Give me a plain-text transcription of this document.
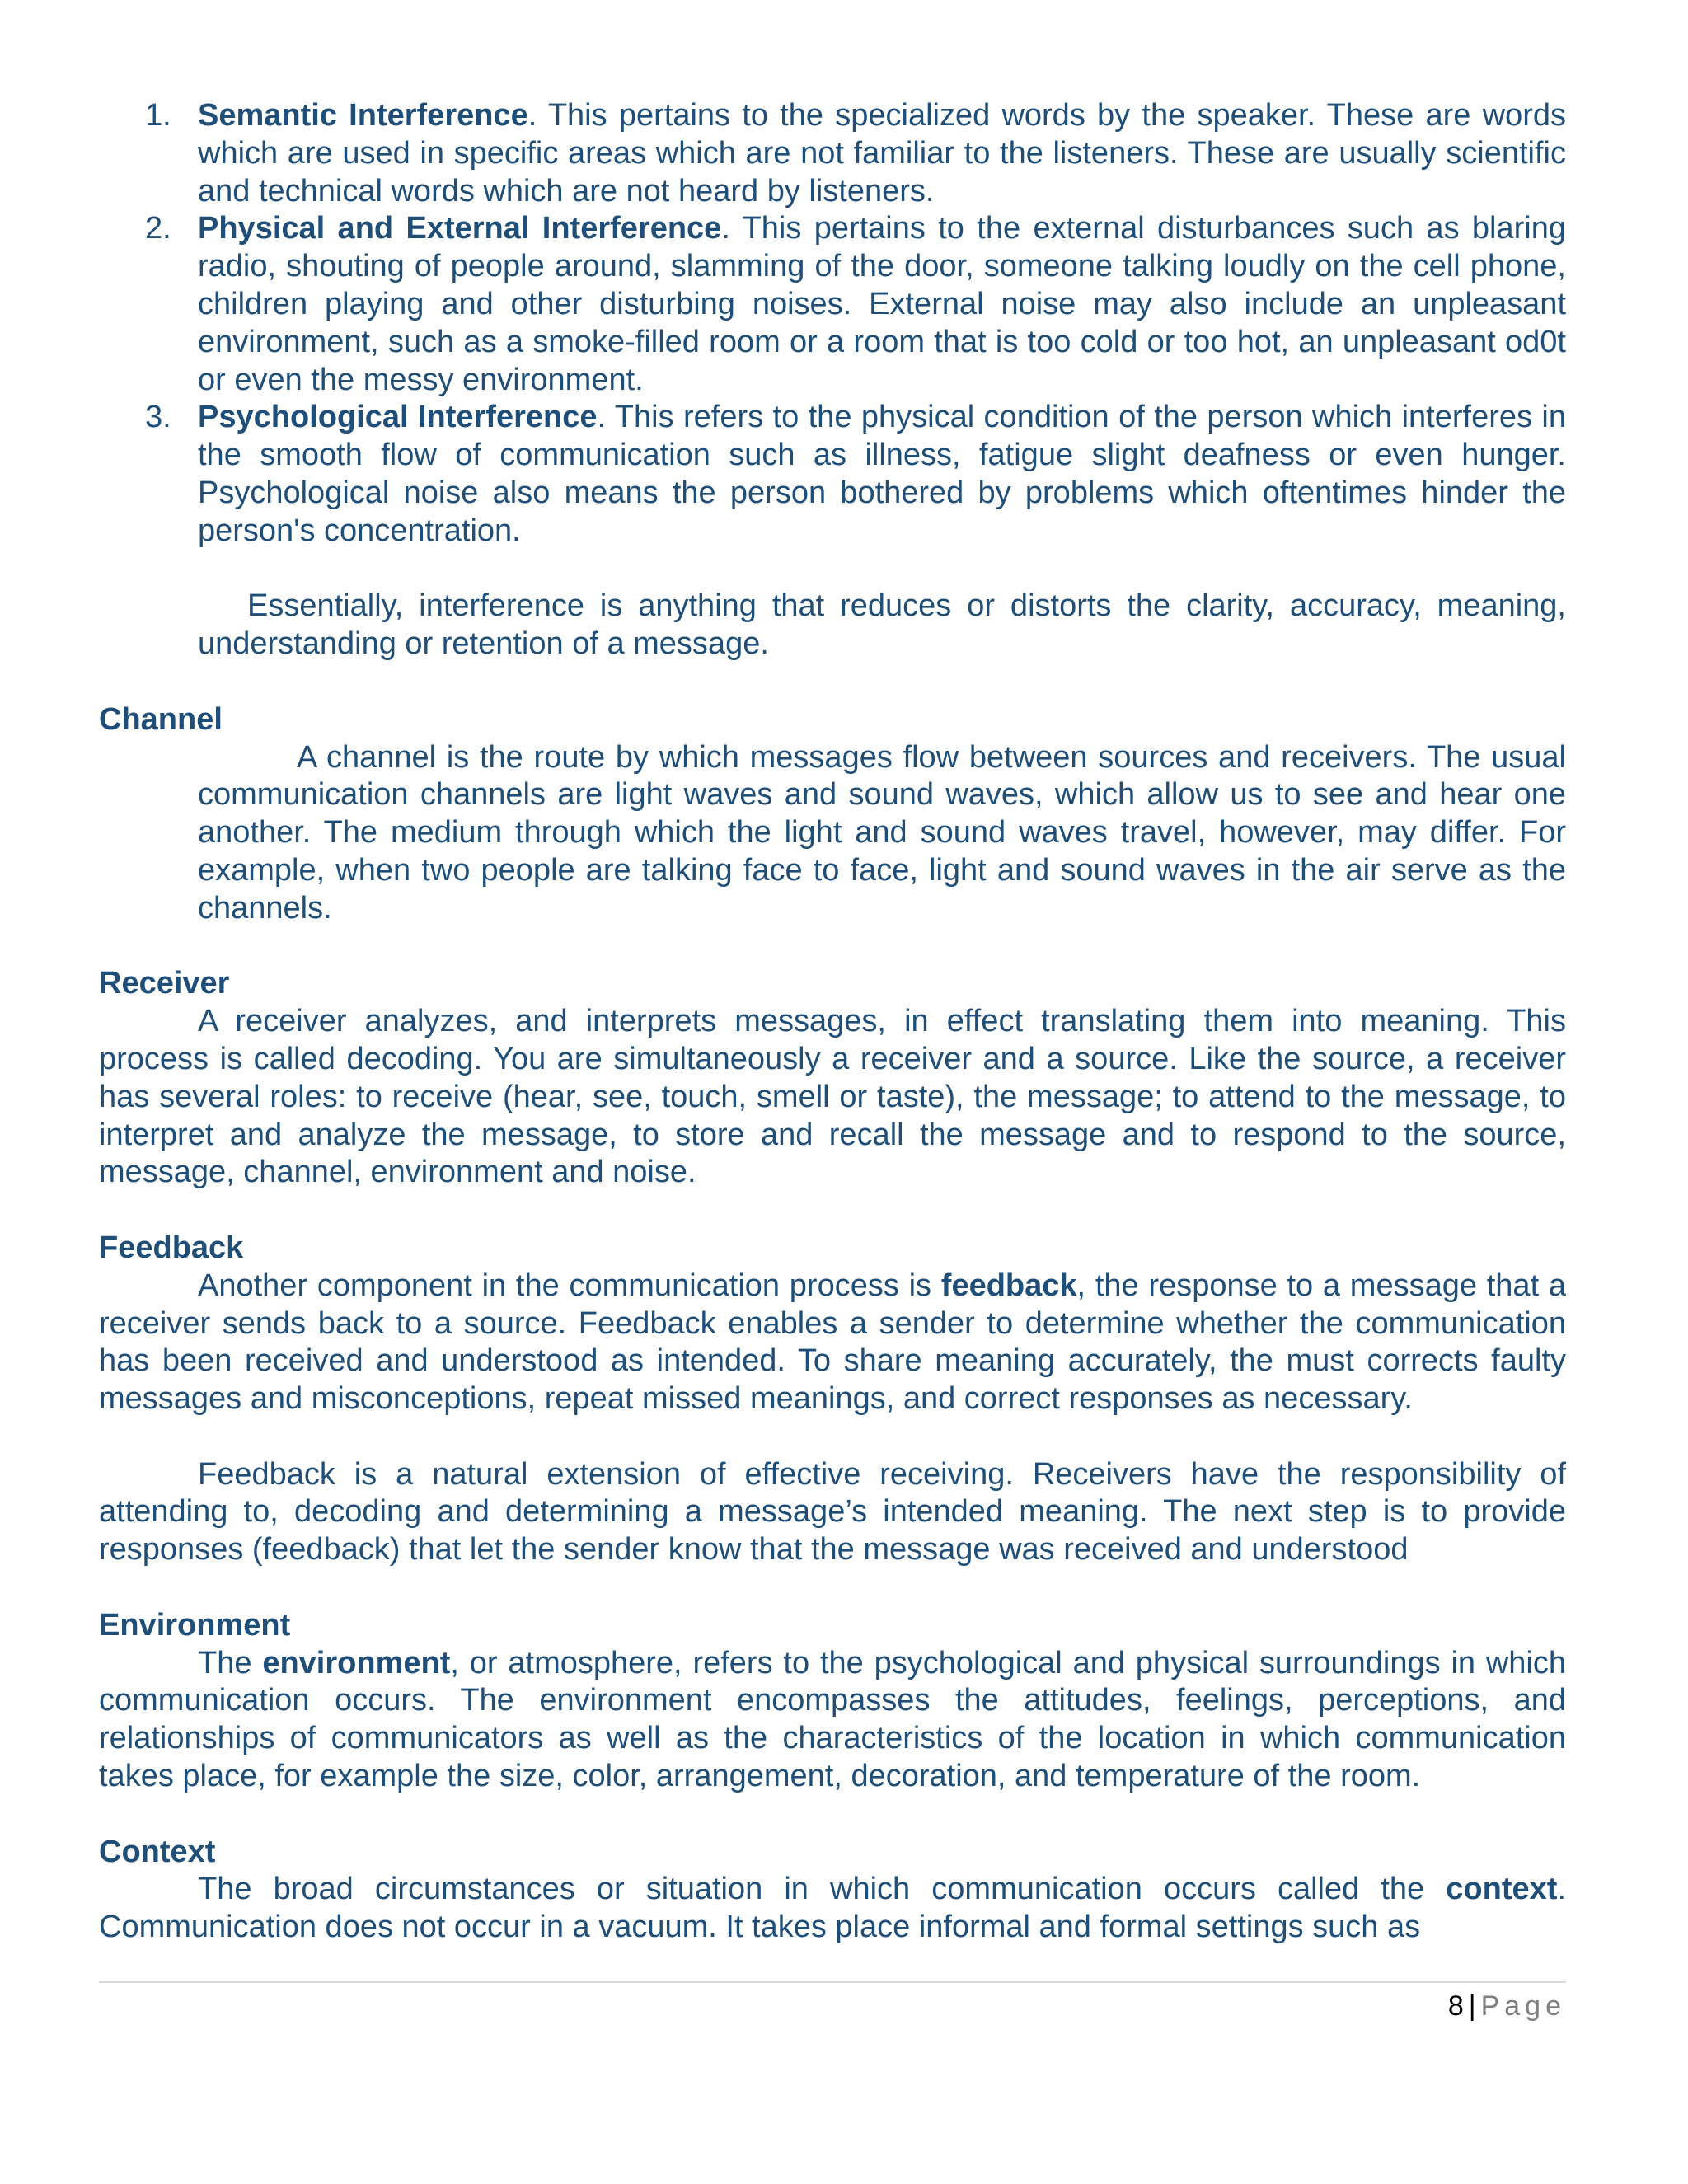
1. Semantic Interference. This pertains to the specialized words by the speaker. These are words which are used in specific areas which are not familiar to the listeners. These are usually scientific and technical words which are not heard by listeners.
2. Physical and External Interference. This pertains to the external disturbances such as blaring radio, shouting of people around, slamming of the door, someone talking loudly on the cell phone, children playing and other disturbing noises. External noise may also include an unpleasant environment, such as a smoke-filled room or a room that is too cold or too hot, an unpleasant od0t or even the messy environment.
3. Psychological Interference. This refers to the physical condition of the person which interferes in the smooth flow of communication such as illness, fatigue slight deafness or even hunger. Psychological noise also means the person bothered by problems which oftentimes hinder the person's concentration.

Essentially, interference is anything that reduces or distorts the clarity, accuracy, meaning, understanding or retention of a message.

Channel

A channel is the route by which messages flow between sources and receivers. The usual communication channels are light waves and sound waves, which allow us to see and hear one another. The medium through which the light and sound waves travel, however, may differ. For example, when two people are talking face to face, light and sound waves in the air serve as the channels.

Receiver

A receiver analyzes, and interprets messages, in effect translating them into meaning. This process is called decoding. You are simultaneously a receiver and a source. Like the source, a receiver has several roles: to receive (hear, see, touch, smell or taste), the message; to attend to the message, to interpret and analyze the message, to store and recall the message and to respond to the source, message, channel, environment and noise.

Feedback

Another component in the communication process is feedback, the response to a message that a receiver sends back to a source. Feedback enables a sender to determine whether the communication has been received and understood as intended. To share meaning accurately, the must corrects faulty messages and misconceptions, repeat missed meanings, and correct responses as necessary.

Feedback is a natural extension of effective receiving. Receivers have the responsibility of attending to, decoding and determining a message’s intended meaning. The next step is to provide responses (feedback) that let the sender know that the message was received and understood

Environment

The environment, or atmosphere, refers to the psychological and physical surroundings in which communication occurs. The environment encompasses the attitudes, feelings, perceptions, and relationships of communicators as well as the characteristics of the location in which communication takes place, for example the size, color, arrangement, decoration, and temperature of the room.

Context

The broad circumstances or situation in which communication occurs called the context. Communication does not occur in a vacuum. It takes place informal and formal settings such as

8 | Page
